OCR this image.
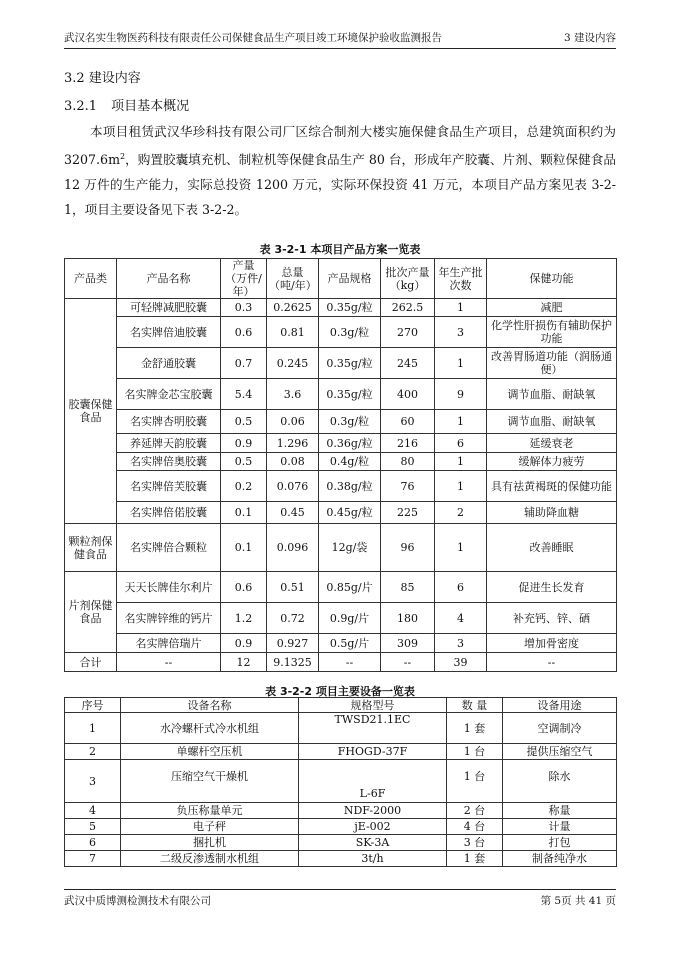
武汉名实生物医药科技有限责任公司保健食品生产项目竣工环境保护验收监测报告	3 建设内容
3.2 建设内容
3.2.1 项目基本概况

本项目租赁武汉华珍科技有限公司厂区综合制剂大楼实施保健食品生产项目，总建筑面积约为 $3207.6m^2$，购置胶囊填充机、制粒机等保健食品生产 80 台，形成年产胶囊、片剂、颗粒保健食品 12 万件的生产能力，实际总投资 1200 万元，实际环保投资 41 万元，本项目产品方案见表 3-2-1，项目主要设备见下表 3-2-2。

表 3-2-1 本项目产品方案一览表
产品类	产品名称	产量（万件/年）	总量（吨/年）	产品规格	批次产量（kg）	年生产批次数	保健功能
胶囊保健食品	可轻牌减肥胶囊	0.3	0.2625	0.35g/粒	262.5	1	减肥
	名实牌倍迪胶囊	0.6	0.81	0.3g/粒	270	3	化学性肝损伤有辅助保护功能
	金舒通胶囊	0.7	0.245	0.35g/粒	245	1	改善胃肠道功能（润肠通便）
	名实牌金芯宝胶囊	5.4	3.6	0.35g/粒	400	9	调节血脂、耐缺氧
	名实牌杏明胶囊	0.5	0.06	0.3g/粒	60	1	调节血脂、耐缺氧
	养延牌天韵胶囊	0.9	1.296	0.36g/粒	216	6	延缓衰老
	名实牌倍奥胶囊	0.5	0.08	0.4g/粒	80	1	缓解体力疲劳
	名实牌倍芙胶囊	0.2	0.076	0.38g/粒	76	1	具有祛黄褐斑的保健功能
	名实牌倍偌胶囊	0.1	0.45	0.45g/粒	225	2	辅助降血糖
颗粒剂保健食品	名实牌倍合颗粒	0.1	0.096	12g/袋	96	1	改善睡眠
片剂保健食品	天天长牌佳尔利片	0.6	0.51	0.85g/片	85	6	促进生长发育
	名实牌锌维的钙片	1.2	0.72	0.9g/片	180	4	补充钙、锌、硒
	名实牌倍瑞片	0.9	0.927	0.5g/片	309	3	增加骨密度
合计	--	12	9.1325	--	--	39	--
表 3-2-2 项目主要设备一览表
序号	设备名称	规格型号	数 量	设备用途
1	水冷螺杆式冷水机组	TWSD21.1EC	1 套	空调制冷
2	单螺杆空压机	FHOGD-37F	1 台	提供压缩空气
3	压缩空气干燥机	L-6F	1 台	除水
4	负压称量单元	NDF-2000	2 台	称量
5	电子秤	jE-002	4 台	计量
6	捆扎机	SK-3A	3 台	打包
7	二级反渗透制水机组	3t/h	1 套	制备纯净水
武汉中质博测检测技术有限公司	第 5页 共 41 页
